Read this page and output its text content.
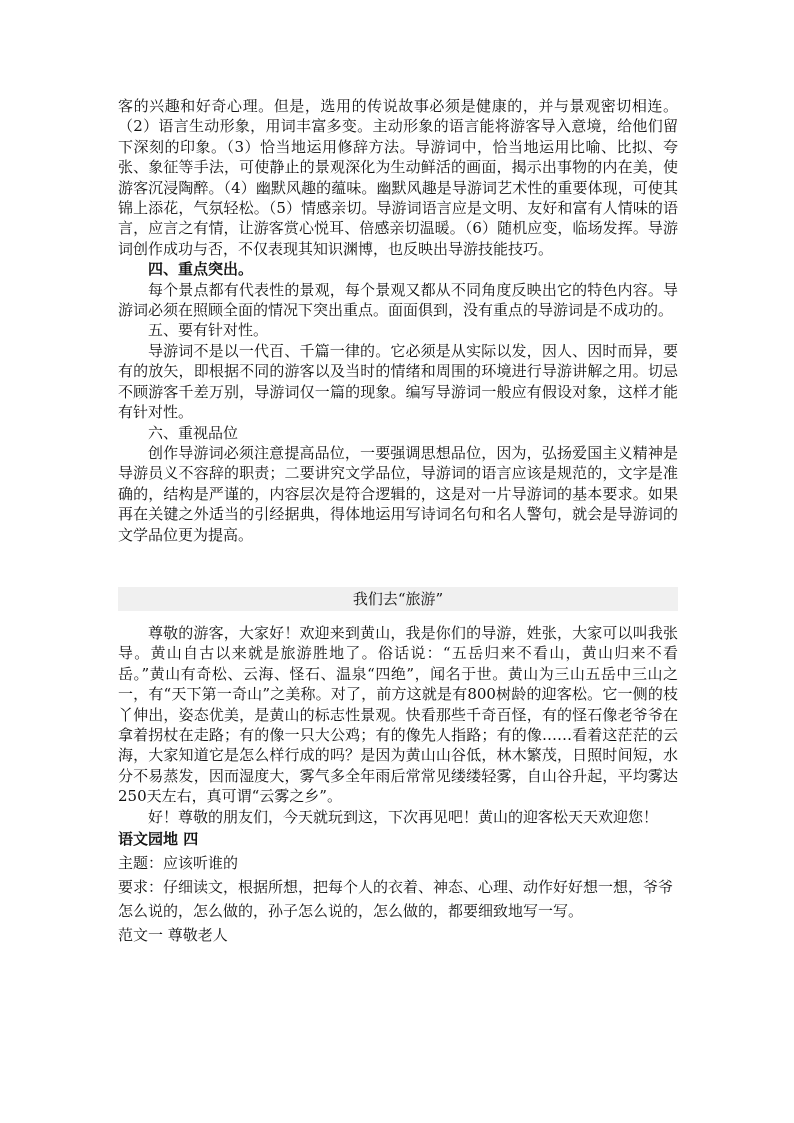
客的兴趣和好奇心理。但是，选用的传说故事必须是健康的，并与景观密切相连。（2）语言生动形象，用词丰富多变。主动形象的语言能将游客导入意境，给他们留下深刻的印象。（3）恰当地运用修辞方法。导游词中，恰当地运用比喻、比拟、夸张、象征等手法，可使静止的景观深化为生动鲜活的画面，揭示出事物的内在美，使游客沉浸陶醉。（4）幽默风趣的蕴味。幽默风趣是导游词艺术性的重要体现，可使其锦上添花，气氛轻松。（5）情感亲切。导游词语言应是文明、友好和富有人情味的语言，应言之有情，让游客赏心悦耳、倍感亲切温暖。（6）随机应变，临场发挥。导游词创作成功与否，不仅表现其知识渊博，也反映出导游技能技巧。

四、重点突出。

每个景点都有代表性的景观，每个景观又都从不同角度反映出它的特色内容。导游词必须在照顾全面的情况下突出重点。面面俱到，没有重点的导游词是不成功的。

五、要有针对性。

导游词不是以一代百、千篇一律的。它必须是从实际以发，因人、因时而异，要有的放矢，即根据不同的游客以及当时的情绪和周围的环境进行导游讲解之用。切忌不顾游客千差万别，导游词仅一篇的现象。编写导游词一般应有假设对象，这样才能有针对性。

六、重视品位

创作导游词必须注意提高品位，一要强调思想品位，因为，弘扬爱国主义精神是导游员义不容辞的职责；二要讲究文学品位，导游词的语言应该是规范的，文字是准确的，结构是严谨的，内容层次是符合逻辑的，这是对一片导游词的基本要求。如果再在关键之外适当的引经据典，得体地运用写诗词名句和名人警句，就会是导游词的文学品位更为提高。

我们去“旅游”

尊敬的游客，大家好！欢迎来到黄山，我是你们的导游，姓张，大家可以叫我张导。黄山自古以来就是旅游胜地了。俗话说：“五岳归来不看山，黄山归来不看岳。”黄山有奇松、云海、怪石、温泉“四绝”，闻名于世。黄山为三山五岳中三山之一，有“天下第一奇山”之美称。对了，前方这就是有800树龄的迎客松。它一侧的枝丫伸出，姿态优美，是黄山的标志性景观。快看那些千奇百怪，有的怪石像老爷爷在拿着拐杖在走路；有的像一只大公鸡；有的像先人指路；有的像……看着这茫茫的云海，大家知道它是怎么样行成的吗？是因为黄山山谷低，林木繁茂，日照时间短，水分不易蒸发，因而湿度大，雾气多全年雨后常常见缕缕轻雾，自山谷升起，平均雾达250天左右，真可谓“云雾之乡”。

好！尊敬的朋友们，今天就玩到这，下次再见吧！黄山的迎客松天天欢迎您！

语文园地 四

主题：应该听谁的

要求：仔细读文，根据所想，把每个人的衣着、神态、心理、动作好好想一想，爷爷怎么说的，怎么做的，孙子怎么说的，怎么做的，都要细致地写一写。

范文一 尊敬老人
